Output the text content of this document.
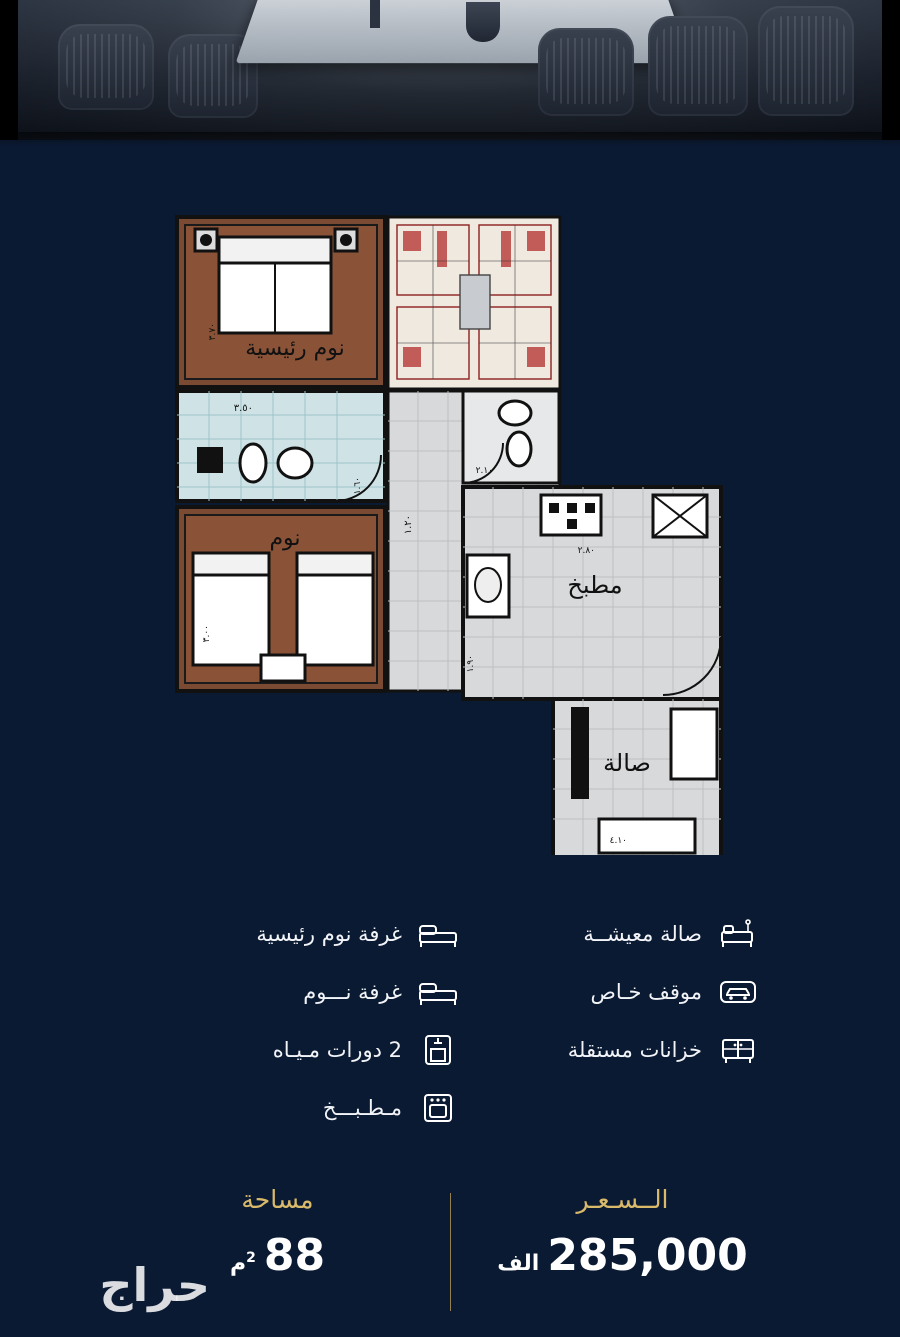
نوم رئيسية
٣.٧٠
١.٢٠
٣.٥٠
١.٦٠
٢.١٠
نوم
٣.٠٠
مطبخ
٢.٨٠
١.٩٠
صالة
٤.١٠
غرفة نوم رئيسية
غرفة نـــوم
2 دورات مـيـاه
مـطـبـــخ
صالة معيشــة
موقف خـاص
خزانات مستقلة
مساحة
88
$^2$م
الــسـعـر
285,000
الف
حراج
